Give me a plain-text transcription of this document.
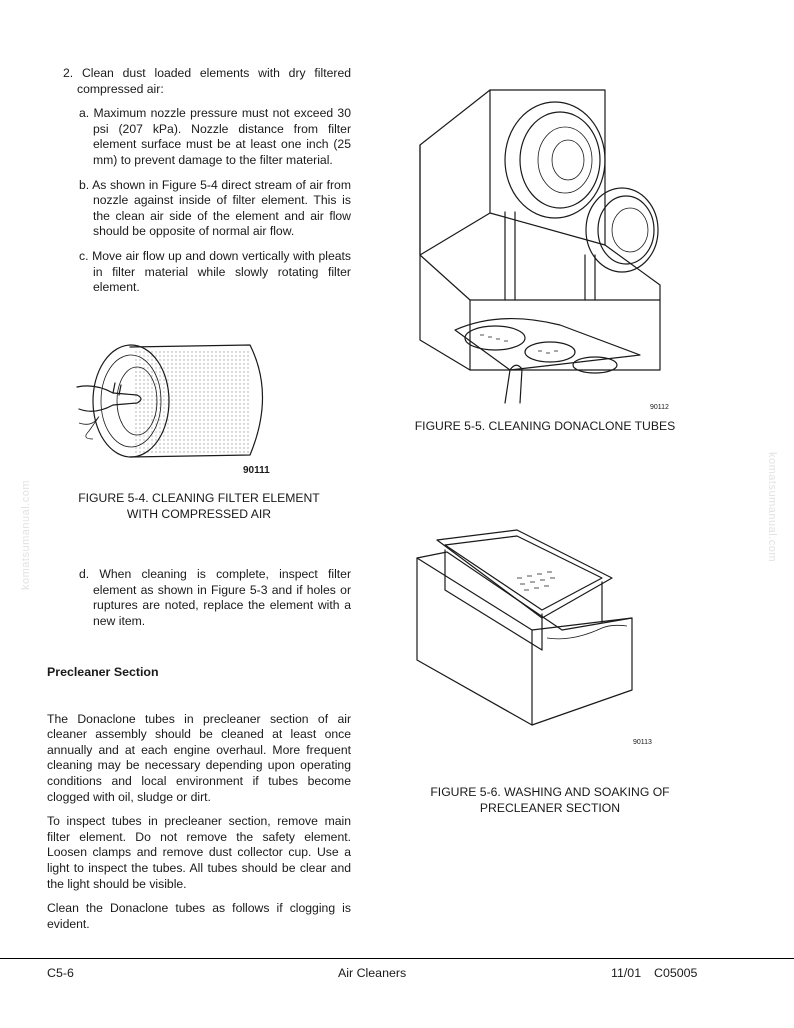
komatsumanual.com	komatsumanual.com

2. Clean dust loaded elements with dry filtered compressed air:

a. Maximum nozzle pressure must not exceed 30 psi (207 kPa). Nozzle distance from filter element surface must be at least one inch (25 mm) to prevent damage to the filter material.

b. As shown in Figure 5-4 direct stream of air from nozzle against inside of filter element. This is the clean air side of the element and air flow should be opposite of normal air flow.

c. Move air flow up and down vertically with pleats in filter material while slowly rotating filter element.

90111
FIGURE 5-4. CLEANING FILTER ELEMENT
WITH COMPRESSED AIR

d. When cleaning is complete, inspect filter element as shown in Figure 5-3 and if holes or ruptures are noted, replace the element with a new item.

Precleaner Section

The Donaclone tubes in precleaner section of air cleaner assembly should be cleaned at least once annually and at each engine overhaul. More frequent cleaning may be necessary depending upon operating conditions and local environment if tubes become clogged with oil, sludge or dirt.

To inspect tubes in precleaner section, remove main filter element. Do not remove the safety element. Loosen clamps and remove dust collector cup. Use a light to inspect the tubes. All tubes should be clear and the light should be visible.

Clean the Donaclone tubes as follows if clogging is evident.

90112
FIGURE 5-5. CLEANING DONACLONE TUBES
90113
FIGURE 5-6. WASHING AND SOAKING OF
PRECLEANER SECTION
C5-6	Air Cleaners	11/01 C05005
